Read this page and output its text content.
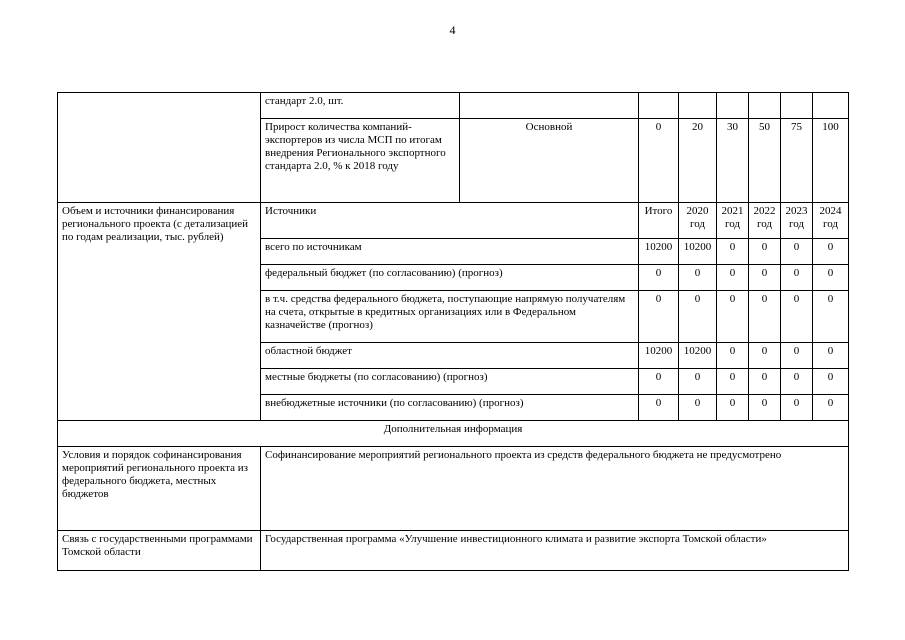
4
	стандарт 2.0, шт.							
	Прирост количества компаний-экспортеров из числа МСП по итогам внедрения Регионального экспортного стандарта 2.0, % к 2018 году	Основной	0	20	30	50	75	100
Объем и источники финансирования регионального проекта (с детализацией по годам реализации, тыс. рублей)	Источники		Итого	2020 год	2021 год	2022 год	2023 год	2024 год
	всего по источникам		10200	10200	0	0	0	0
	федеральный бюджет (по согласованию) (прогноз)		0	0	0	0	0	0
	в т.ч. средства федерального бюджета, поступающие напрямую получателям на счета, открытые в кредитных организациях или в Федеральном казначействе (прогноз)		0	0	0	0	0	0
	областной бюджет		10200	10200	0	0	0	0
	местные бюджеты (по согласованию) (прогноз)		0	0	0	0	0	0
	внебюджетные источники (по согласованию) (прогноз)		0	0	0	0	0	0
Дополнительная информация								
Условия и порядок софинансирования мероприятий регионального проекта из федерального бюджета, местных бюджетов	Софинансирование мероприятий регионального проекта из средств федерального бюджета не предусмотрено							
Связь с государственными программами Томской области	Государственная программа «Улучшение инвестиционного климата и развитие экспорта Томской области»							
